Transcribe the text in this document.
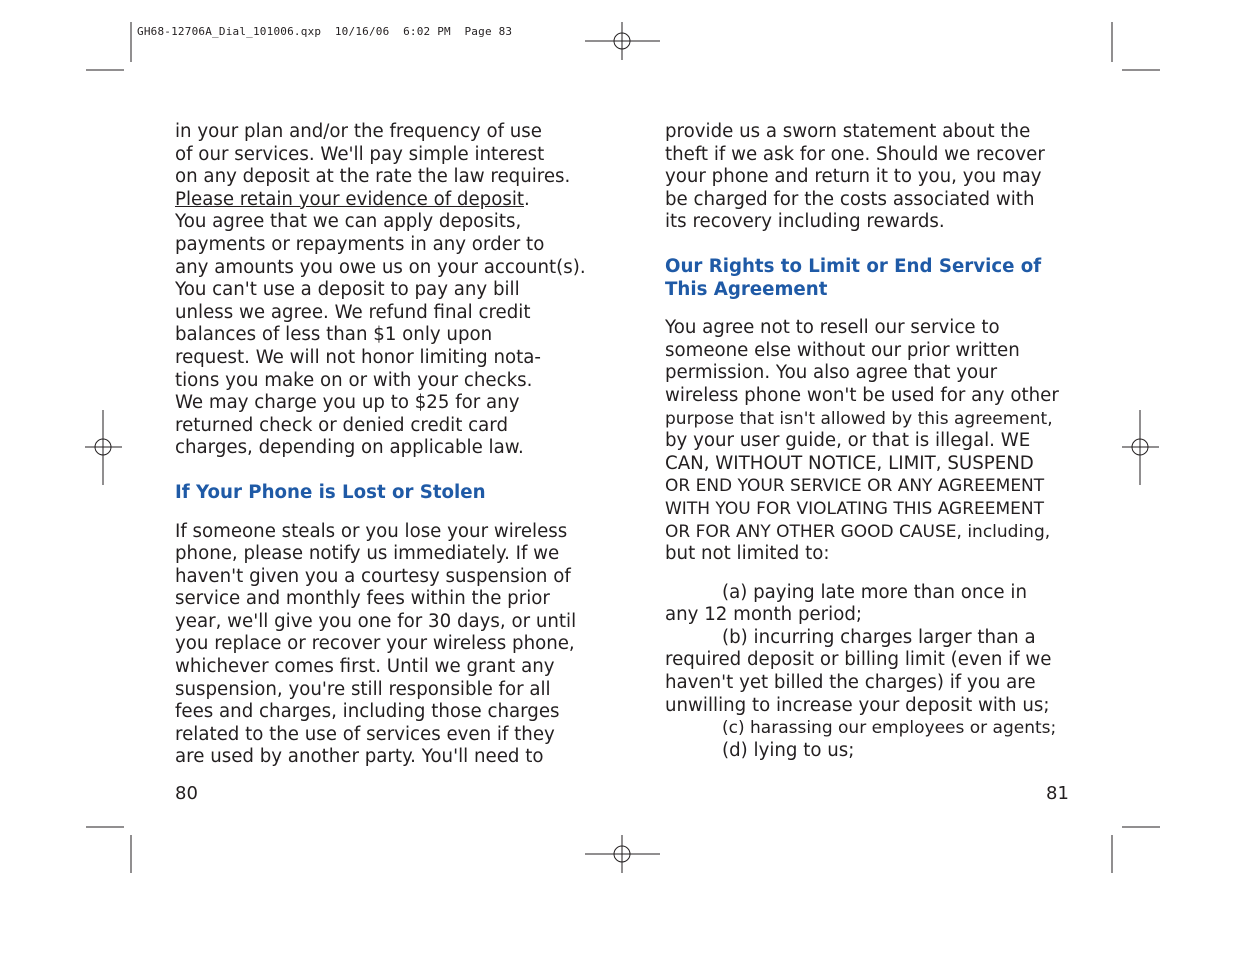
GH68-12706A_Dial_101006.qxp  10/16/06  6:02 PM  Page 83
in your plan and/or the frequency of use
of our services. We'll pay simple interest
on any deposit at the rate the law requires.
Please retain your evidence of deposit.
You agree that we can apply deposits,
payments or repayments in any order to
any amounts you owe us on your account(s).
You can't use a deposit to pay any bill
unless we agree. We refund final credit
balances of less than $1 only upon
request. We will not honor limiting nota-
tions you make on or with your checks.
We may charge you up to $25 for any
returned check or denied credit card
charges, depending on applicable law.
If Your Phone is Lost or Stolen
If someone steals or you lose your wireless
phone, please notify us immediately. If we
haven't given you a courtesy suspension of
service and monthly fees within the prior
year, we'll give you one for 30 days, or until
you replace or recover your wireless phone,
whichever comes first. Until we grant any
suspension, you're still responsible for all
fees and charges, including those charges
related to the use of services even if they
are used by another party. You'll need to
80
provide us a sworn statement about the
theft if we ask for one. Should we recover
your phone and return it to you, you may
be charged for the costs associated with
its recovery including rewards.
Our Rights to Limit or End Service of
This Agreement
You agree not to resell our service to
someone else without our prior written
permission. You also agree that your
wireless phone won't be used for any other
purpose that isn't allowed by this agreement,
by your user guide, or that is illegal. WE
CAN, WITHOUT NOTICE, LIMIT, SUSPEND
OR END YOUR SERVICE OR ANY AGREEMENT
WITH YOU FOR VIOLATING THIS AGREEMENT
OR FOR ANY OTHER GOOD CAUSE, including,
but not limited to:
(a) paying late more than once in
any 12 month period;
(b) incurring charges larger than a
required deposit or billing limit (even if we
haven't yet billed the charges) if you are
unwilling to increase your deposit with us;
(c) harassing our employees or agents;
(d) lying to us;
81
